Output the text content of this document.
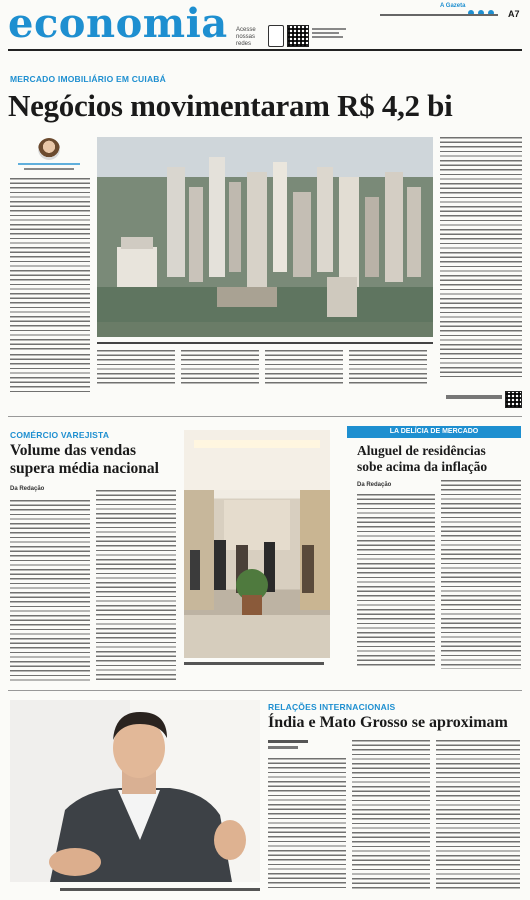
economia Acesse
nossas redes
A Gazeta

A7
MERCADO IMOBILIÁRIO EM CUIABÁ
Negócios movimentaram R$ 4,2 bi
COMÉRCIO VAREJISTA
Volume das vendas
supera média nacional
Da Redação
LA DELÍCIA DE MERCADO
Aluguel de residências
sobe acima da inflação
Da Redação
RELAÇÕES INTERNACIONAIS
Índia e Mato Grosso se aproximam
